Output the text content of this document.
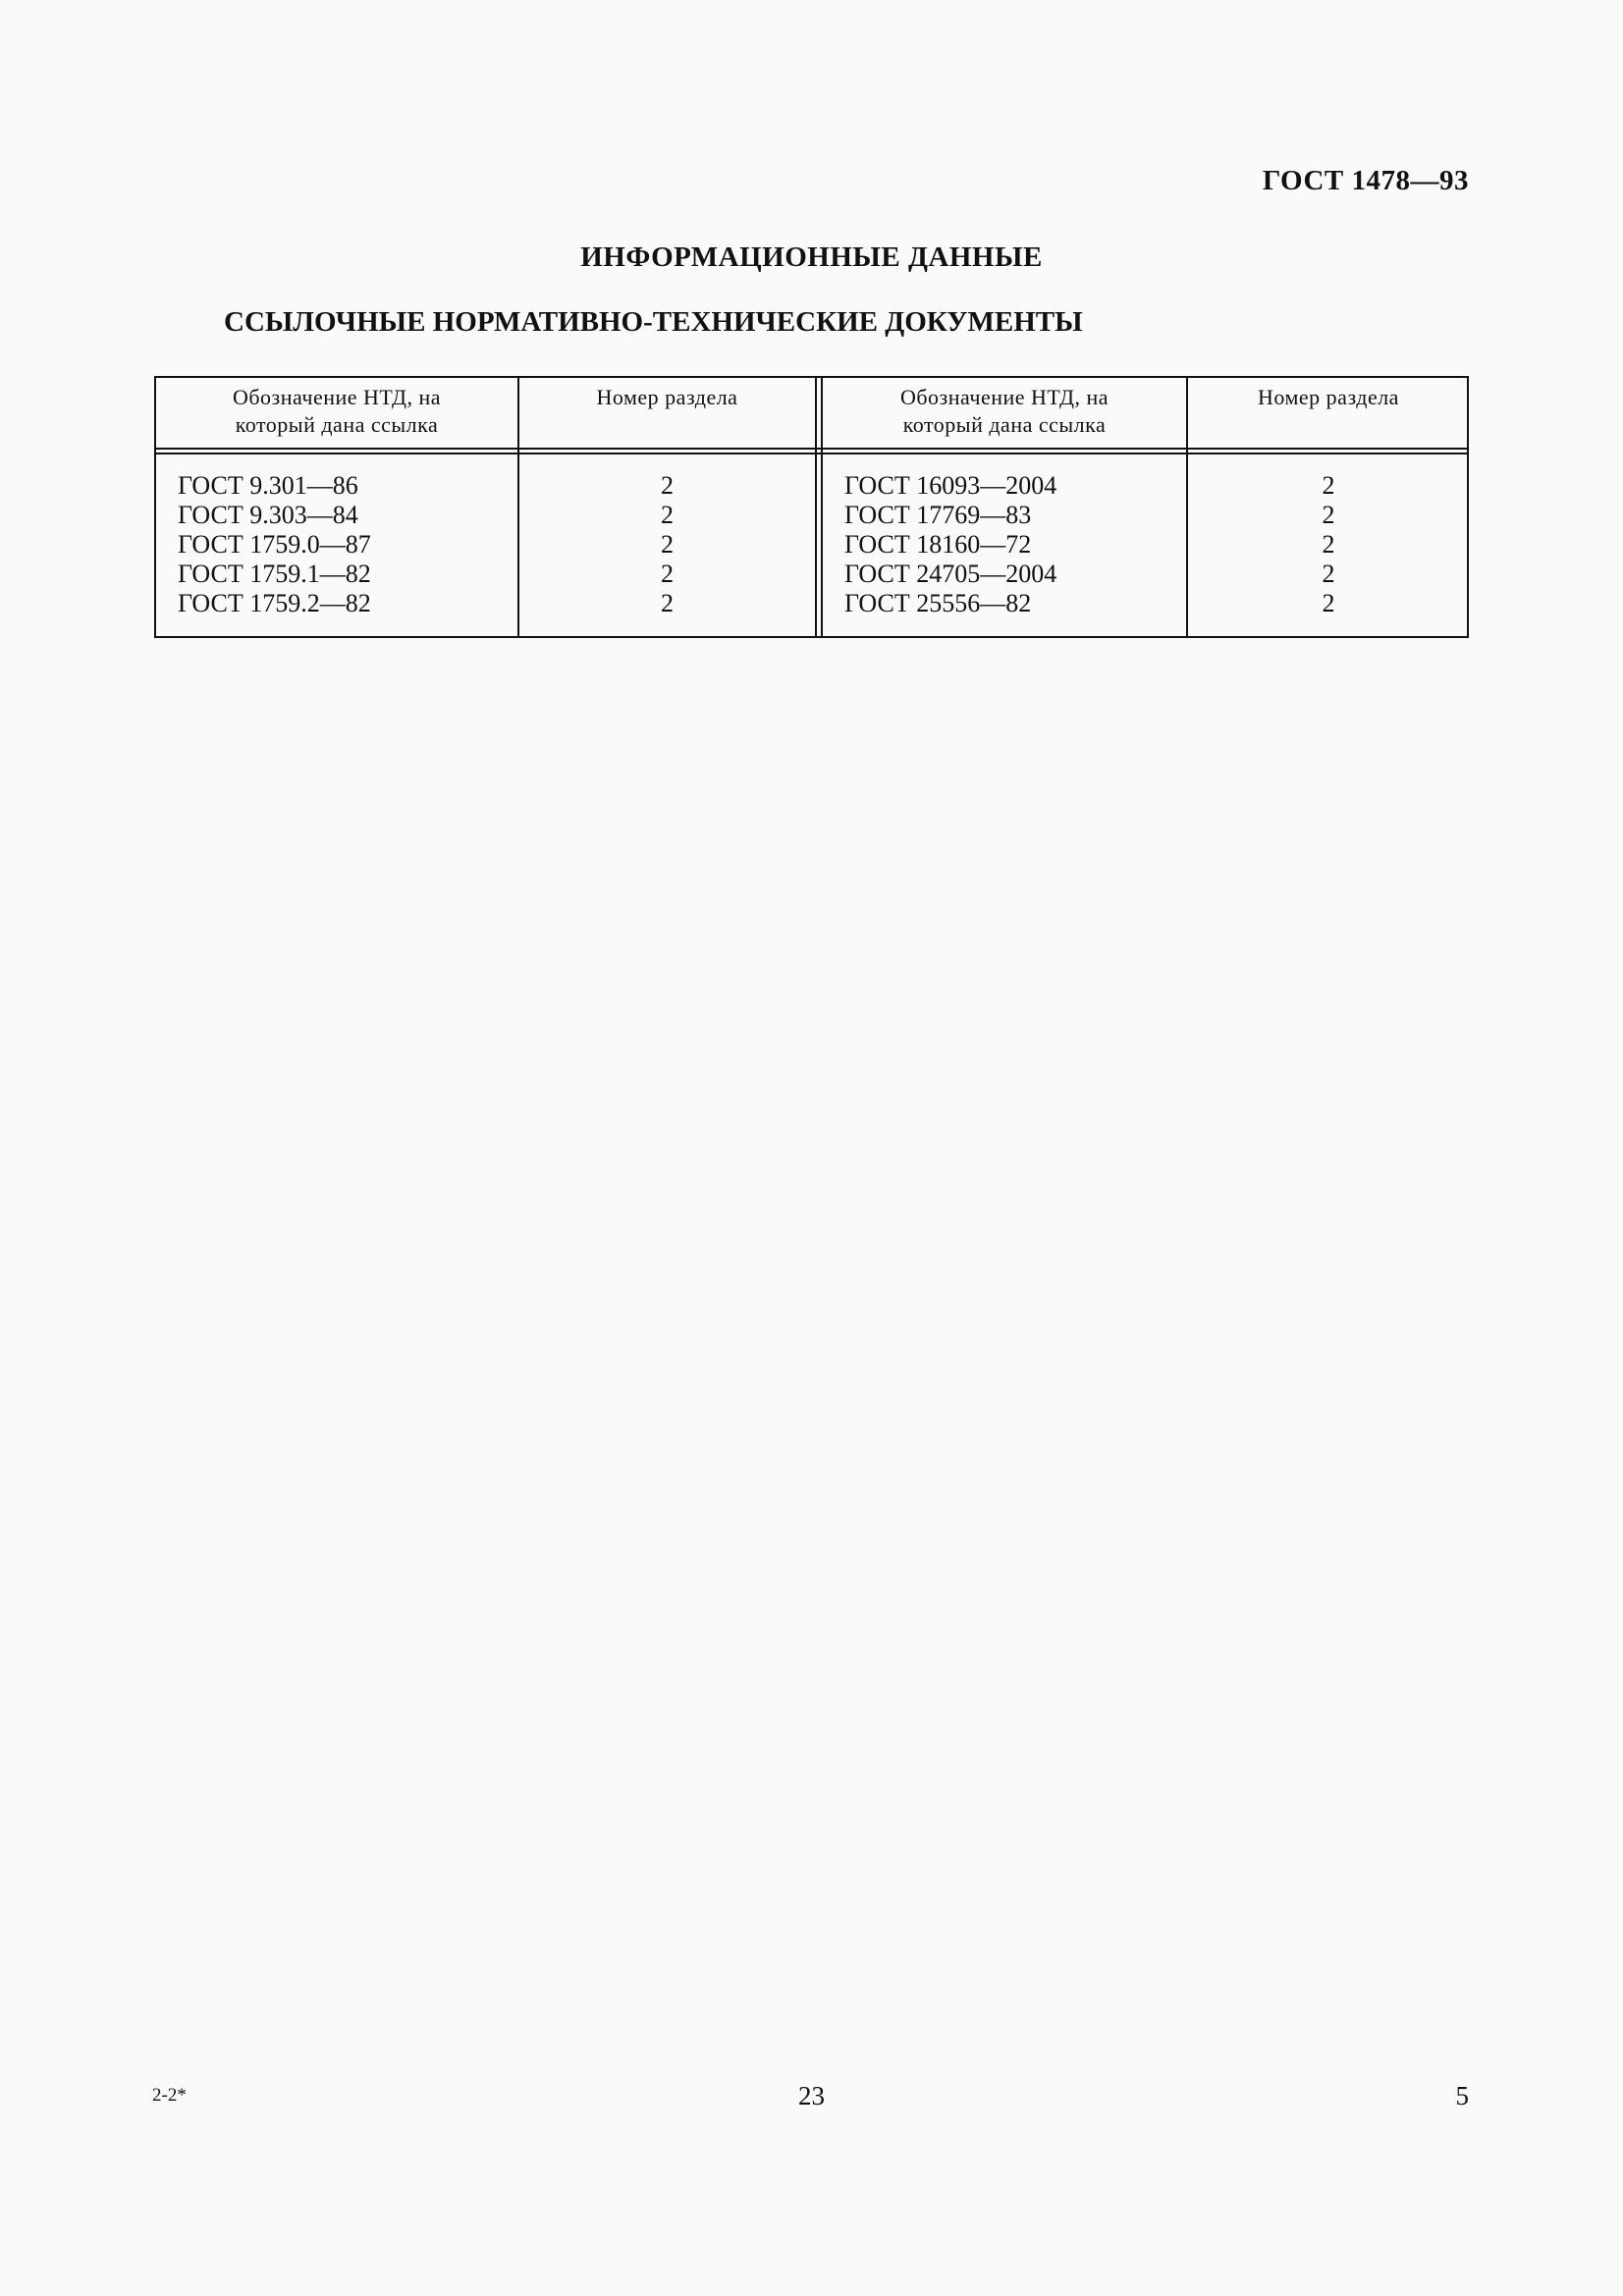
ГОСТ 1478—93
ИНФОРМАЦИОННЫЕ ДАННЫЕ
ССЫЛОЧНЫЕ НОРМАТИВНО-ТЕХНИЧЕСКИЕ ДОКУМЕНТЫ
Обозначение НТД, на
который дана ссылка
ГОСТ 9.301—86
ГОСТ 9.303—84
ГОСТ 1759.0—87
ГОСТ 1759.1—82
ГОСТ 1759.2—82
Номер раздела
2
2
2
2
2
Обозначение НТД, на
который дана ссылка
ГОСТ 16093—2004
ГОСТ 17769—83
ГОСТ 18160—72
ГОСТ 24705—2004
ГОСТ 25556—82
Номер раздела
2
2
2
2
2
2-2*	23	5
